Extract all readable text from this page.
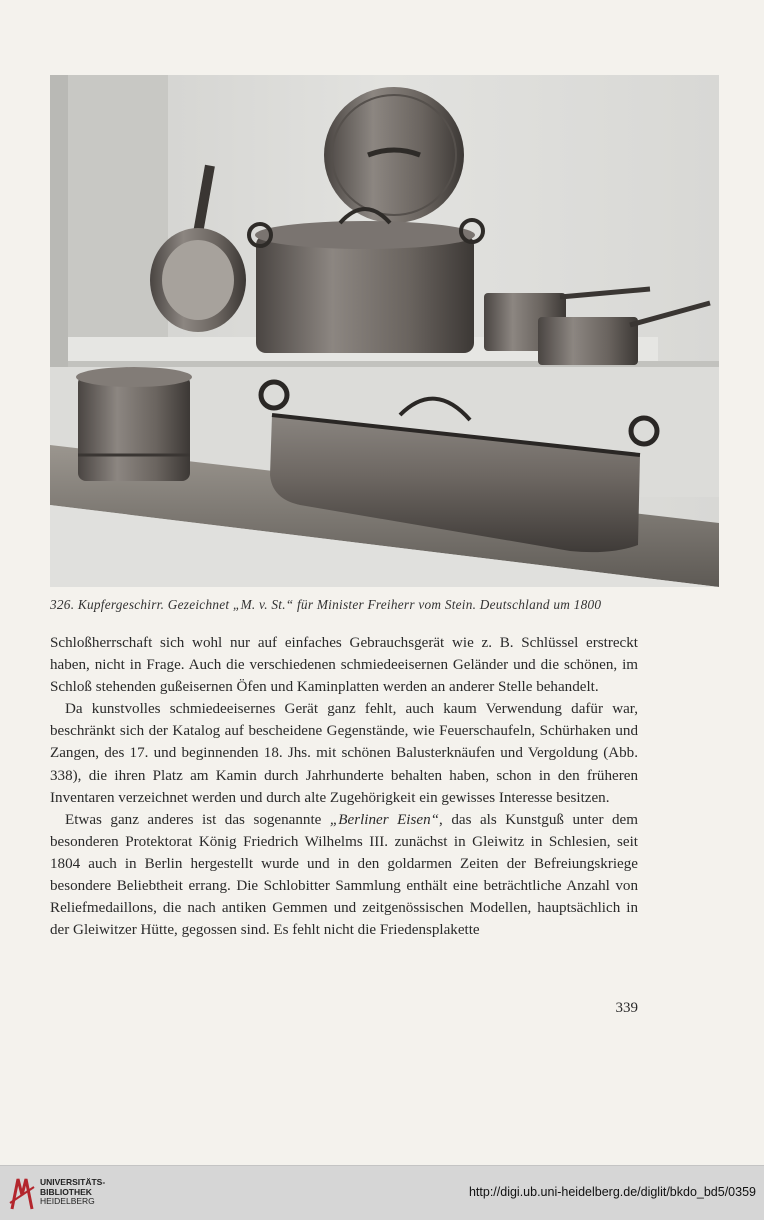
326. Kupfergeschirr. Gezeichnet „M. v. St.“ für Minister Freiherr vom Stein. Deutschland um 1800

Schloßherrschaft sich wohl nur auf einfaches Gebrauchsgerät wie z. B. Schlüssel erstreckt haben, nicht in Frage. Auch die verschiedenen schmiedeeisernen Geländer und die schönen, im Schloß stehenden gußeisernen Öfen und Kaminplatten werden an anderer Stelle behandelt.

Da kunstvolles schmiedeeisernes Gerät ganz fehlt, auch kaum Verwendung dafür war, beschränkt sich der Katalog auf bescheidene Gegenstände, wie Feuerschaufeln, Schürhaken und Zangen, des 17. und beginnenden 18. Jhs. mit schönen Balusterknäufen und Vergoldung (Abb. 338), die ihren Platz am Kamin durch Jahrhunderte behalten haben, schon in den früheren Inventaren verzeichnet werden und durch alte Zugehörigkeit ein gewisses Interesse besitzen.

Etwas ganz anderes ist das sogenannte „Berliner Eisen“, das als Kunstguß unter dem besonderen Protektorat König Friedrich Wilhelms III. zunächst in Gleiwitz in Schlesien, seit 1804 auch in Berlin hergestellt wurde und in den goldarmen Zeiten der Befreiungskriege besondere Beliebtheit errang. Die Schlobitter Sammlung enthält eine beträchtliche Anzahl von Reliefmedaillons, die nach antiken Gemmen und zeitgenössischen Modellen, hauptsächlich in der Gleiwitzer Hütte, gegossen sind. Es fehlt nicht die Friedensplakette

339
UNIVERSITÄTS-
BIBLIOTHEK
HEIDELBERG
http://digi.ub.uni-heidelberg.de/diglit/bkdo_bd5/0359
